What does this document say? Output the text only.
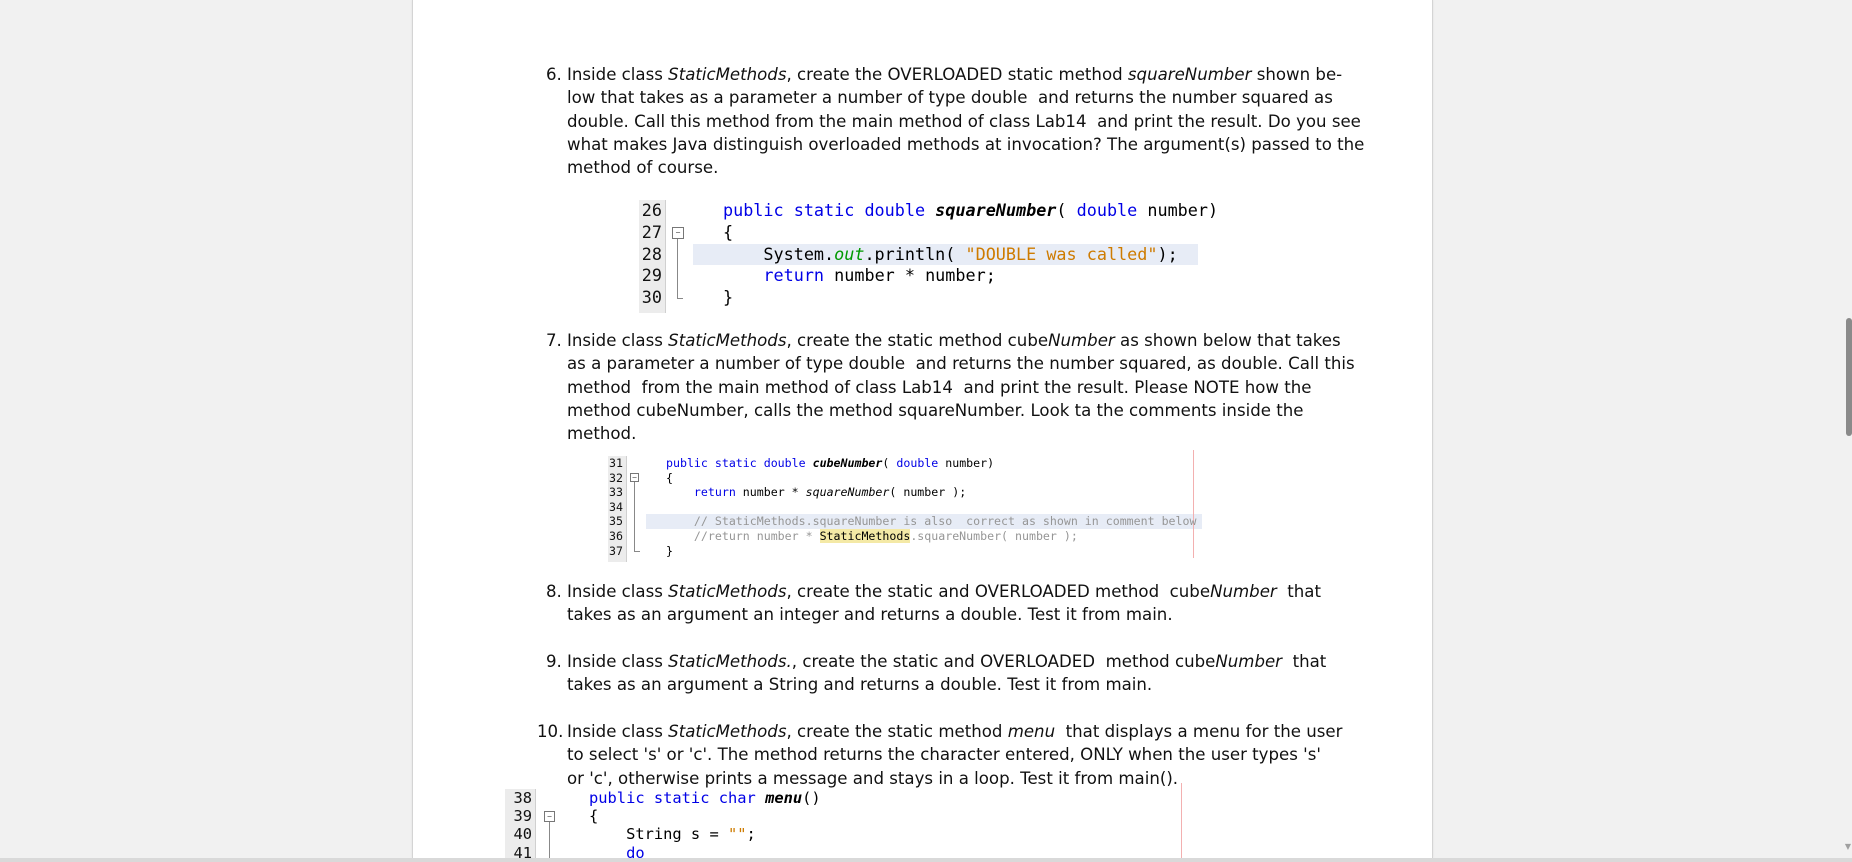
6. Inside class StaticMethods, create the OVERLOADED static method squareNumber shown be-
low that takes as a parameter a number of type double  and returns the number squared as
double. Call this method from the main method of class Lab14  and print the result. Do you see
what makes Java distinguish overloaded methods at invocation? The argument(s) passed to the
method of course.
26
27
28
29
30
−
public static double squareNumber( double number)
{
System.out.println( "DOUBLE was called");
return number * number;
}
7. Inside class StaticMethods, create the static method cubeNumber as shown below that takes
as a parameter a number of type double  and returns the number squared, as double. Call this
method  from the main method of class Lab14  and print the result. Please NOTE how the
method cubeNumber, calls the method squareNumber. Look ta the comments inside the
method.
31
32
33
34
35
36
37
−
public static double cubeNumber( double number)
{
return number * squareNumber( number );
// StaticMethods.squareNumber is also  correct as shown in comment below
//return number * StaticMethods.squareNumber( number );
}
8. Inside class StaticMethods, create the static and OVERLOADED method  cubeNumber  that
takes as an argument an integer and returns a double. Test it from main.
9. Inside class StaticMethods., create the static and OVERLOADED  method cubeNumber  that
takes as an argument a String and returns a double. Test it from main.
10. Inside class StaticMethods, create the static method menu  that displays a menu for the user
to select 's' or 'c'. The method returns the character entered, ONLY when the user types 's'
or 'c', otherwise prints a message and stays in a loop. Test it from main().
38
39
40
41
−
public static char menu()
{
String s = "";
do	▼
